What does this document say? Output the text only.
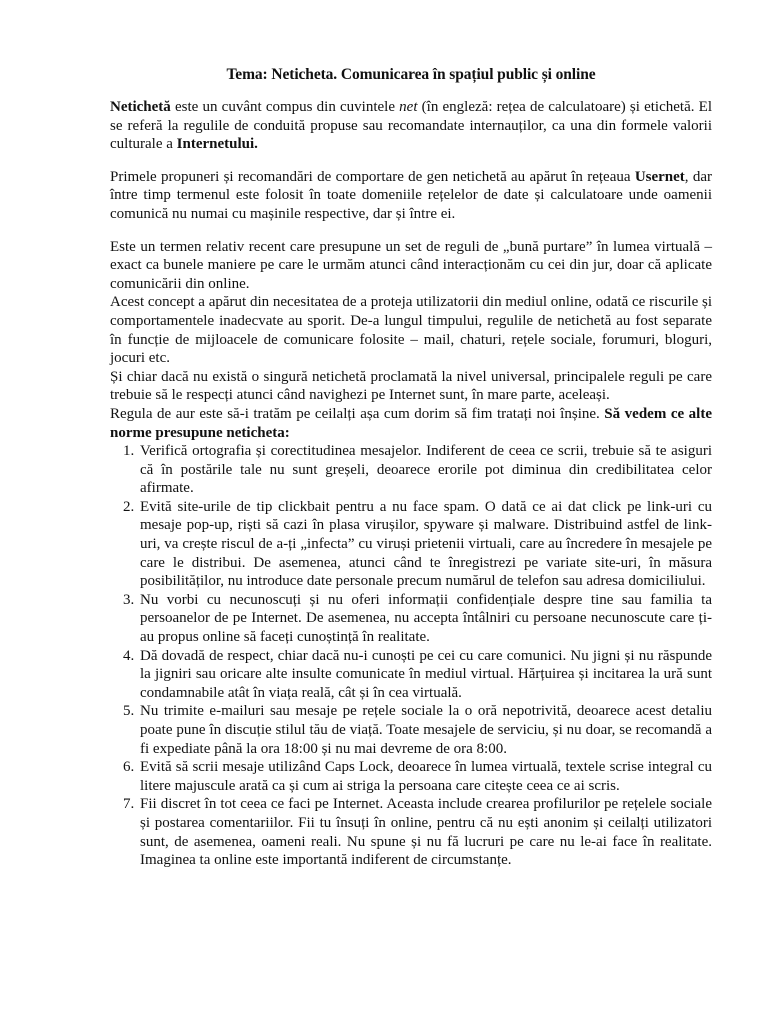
Tema: Neticheta. Comunicarea în spațiul public și online

Netichetă este un cuvânt compus din cuvintele net (în engleză: rețea de calculatoare) și etichetă. El se referă la regulile de conduită propuse sau recomandate internauților, ca una din formele valorii culturale a Internetului.

Primele propuneri și recomandări de comportare de gen netichetă au apărut în rețeaua Usernet, dar între timp termenul este folosit în toate domeniile rețelelor de date și calculatoare unde oamenii comunică nu numai cu mașinile respective, dar și între ei.

Este un termen relativ recent care presupune un set de reguli de „bună purtare” în lumea virtuală – exact ca bunele maniere pe care le urmăm atunci când interacționăm cu cei din jur, doar că aplicate comunicării din online.

Acest concept a apărut din necesitatea de a proteja utilizatorii din mediul online, odată ce riscurile și comportamentele inadecvate au sporit. De-a lungul timpului, regulile de netichetă au fost separate în funcție de mijloacele de comunicare folosite – mail, chaturi, rețele sociale, forumuri, bloguri, jocuri etc.

Și chiar dacă nu există o singură netichetă proclamată la nivel universal, principalele reguli pe care trebuie să le respecți atunci când navighezi pe Internet sunt, în mare parte, aceleași.

Regula de aur este să-i tratăm pe ceilalți așa cum dorim să fim tratați noi înșine. Să vedem ce alte norme presupune neticheta:

1. Verifică ortografia și corectitudinea mesajelor. Indiferent de ceea ce scrii, trebuie să te asiguri că în postările tale nu sunt greșeli, deoarece erorile pot diminua din credibilitatea celor afirmate.
2. Evită site-urile de tip clickbait pentru a nu face spam. O dată ce ai dat click pe link-uri cu mesaje pop-up, riști să cazi în plasa virușilor, spyware și malware. Distribuind astfel de link-uri, va crește riscul de a-ți „infecta” cu viruși prietenii virtuali, care au încredere în mesajele pe care le distribui. De asemenea, atunci când te înregistrezi pe variate site-uri, în măsura posibilităților, nu introduce date personale precum numărul de telefon sau adresa domiciliului.
3. Nu vorbi cu necunoscuți și nu oferi informații confidențiale despre tine sau familia ta persoanelor de pe Internet. De asemenea, nu accepta întâlniri cu persoane necunoscute care ți-au propus online să faceți cunoștință în realitate.
4. Dă dovadă de respect, chiar dacă nu-i cunoști pe cei cu care comunici. Nu jigni și nu răspunde la jigniri sau oricare alte insulte comunicate în mediul virtual. Hărțuirea și incitarea la ură sunt condamnabile atât în viața reală, cât și în cea virtuală.
5. Nu trimite e-mailuri sau mesaje pe rețele sociale la o oră nepotrivită, deoarece acest detaliu poate pune în discuție stilul tău de viață. Toate mesajele de serviciu, și nu doar, se recomandă a fi expediate până la ora 18:00 și nu mai devreme de ora 8:00.
6. Evită să scrii mesaje utilizând Caps Lock, deoarece în lumea virtuală, textele scrise integral cu litere majuscule arată ca și cum ai striga la persoana care citește ceea ce ai scris.
7. Fii discret în tot ceea ce faci pe Internet. Aceasta include crearea profilurilor pe rețelele sociale și postarea comentariilor. Fii tu însuți în online, pentru că nu ești anonim și ceilalți utilizatori sunt, de asemenea, oameni reali. Nu spune și nu fă lucruri pe care nu le-ai face în realitate. Imaginea ta online este importantă indiferent de circumstanțe.
